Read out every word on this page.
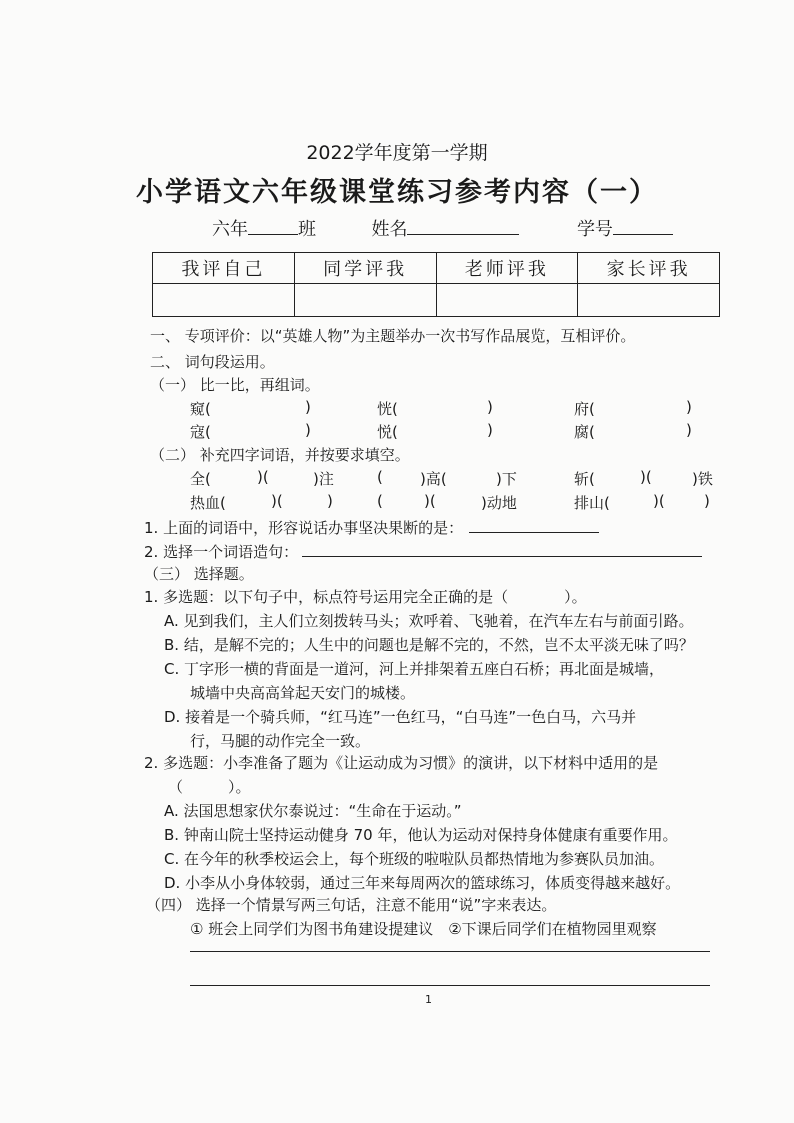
2022学年度第一学期
小学语文六年级课堂练习参考内容（一）
六年	班	姓名	学号
我评自己	同学评我	老师评我	家长评我

一、 专项评价：以“英雄人物”为主题举办一次书写作品展览，互相评价。
二、 词句段运用。
（一） 比一比，再组词。
窥(	)	恍(	)	府(	)
寇(	)	悦(	)	腐(	)
（二） 补充四字词语，并按要求填空。
全(	)(	)注	( )高(	)下	斩(	)(	)铁
热血(	)(	)	(	)(	)动地	排山(	)(	)
1. 上面的词语中，形容说话办事坚决果断的是：
2. 选择一个词语造句：
（三） 选择题。
1. 多选题：以下句子中，标点符号运用完全正确的是（	）。
A. 见到我们，主人们立刻拨转马头；欢呼着、飞驰着，在汽车左右与前面引路。
B. 结，是解不完的；人生中的问题也是解不完的，不然，岂不太平淡无味了吗？
C. 丁字形一横的背面是一道河，河上并排架着五座白石桥；再北面是城墙，
城墙中央高高耸起天安门的城楼。
D. 接着是一个骑兵师，“红马连”一色红马，“白马连”一色白马，六马并
行，马腿的动作完全一致。
2. 多选题：小李准备了题为《让运动成为习惯》的演讲，以下材料中适用的是
（　　　）。
A. 法国思想家伏尔泰说过：“生命在于运动。”
B. 钟南山院士坚持运动健身 70 年，他认为运动对保持身体健康有重要作用。
C. 在今年的秋季校运会上，每个班级的啦啦队员都热情地为参赛队员加油。
D. 小李从小身体较弱，通过三年来每周两次的篮球练习，体质变得越来越好。
（四） 选择一个情景写两三句话，注意不能用“说”字来表达。
① 班会上同学们为图书角建设提建议　②下课后同学们在植物园里观察
1
